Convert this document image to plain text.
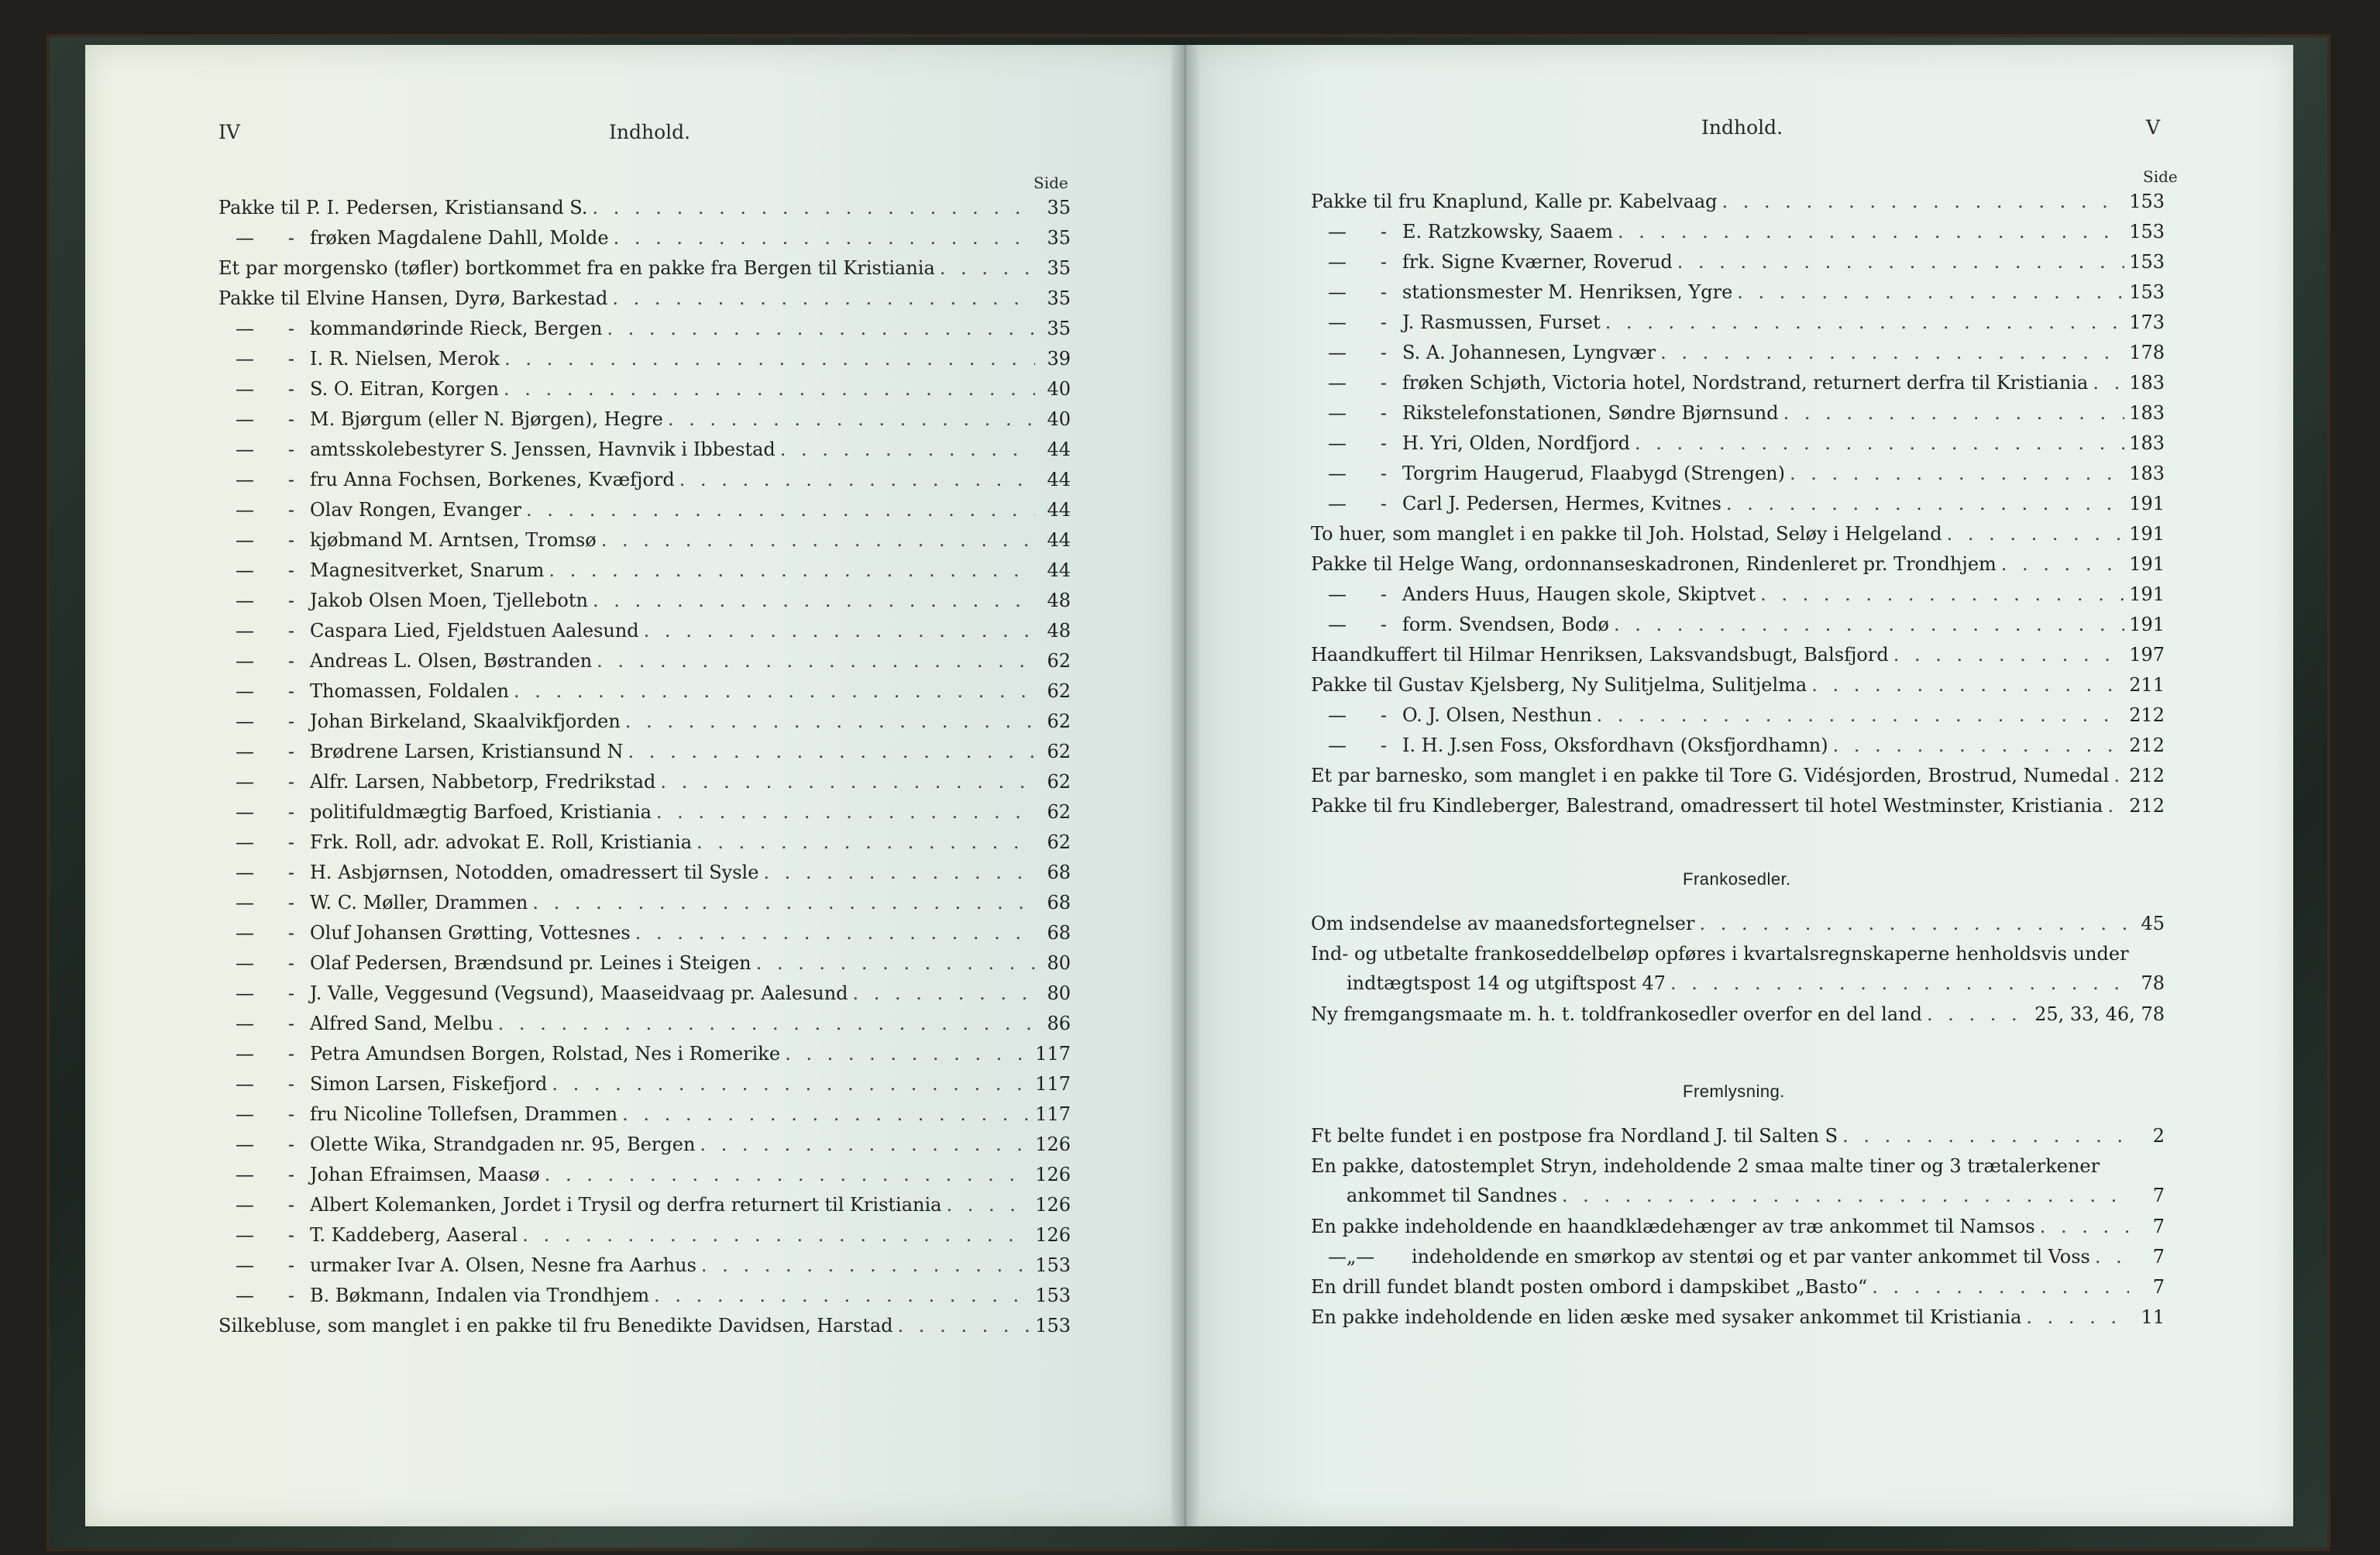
IV	Indhold.
Side
Pakke til P. I. Pedersen, Kristiansand S. . . .	35
— - frøken Magdalene Dahll, Molde . . .	35
Et par morgensko (tøfler) bortkommet fra en pakke fra Bergen til Kristiania . . .	35
Pakke til Elvine Hansen, Dyrø, Barkestad . . .	35
— - kommandørinde Rieck, Bergen . . .	35
— - I. R. Nielsen, Merok . . .	39
— - S. O. Eitran, Korgen . . .	40
— - M. Bjørgum (eller N. Bjørgen), Hegre . . .	40
— - amtsskolebestyrer S. Jenssen, Havnvik i Ibbestad . . .	44
— - fru Anna Fochsen, Borkenes, Kvæfjord . . .	44
— - Olav Rongen, Evanger . . .	44
— - kjøbmand M. Arntsen, Tromsø . . .	44
— - Magnesitverket, Snarum . . .	44
— - Jakob Olsen Moen, Tjellebotn . . .	48
— - Caspara Lied, Fjeldstuen Aalesund . . .	48
— - Andreas L. Olsen, Bøstranden . . .	62
— - Thomassen, Foldalen . . .	62
— - Johan Birkeland, Skaalvikfjorden . . .	62
— - Brødrene Larsen, Kristiansund N . . .	62
— - Alfr. Larsen, Nabbetorp, Fredrikstad . . .	62
— - politifuldmægtig Barfoed, Kristiania . . .	62
— - Frk. Roll, adr. advokat E. Roll, Kristiania . . .	62
— - H. Asbjørnsen, Notodden, omadressert til Sysle . . .	68
— - W. C. Møller, Drammen . . .	68
— - Oluf Johansen Grøtting, Vottesnes . . .	68
— - Olaf Pedersen, Brændsund pr. Leines i Steigen . . .	80
— - J. Valle, Veggesund (Vegsund), Maaseidvaag pr. Aalesund . . .	80
— - Alfred Sand, Melbu . . .	86
— - Petra Amundsen Borgen, Rolstad, Nes i Romerike . . .	117
— - Simon Larsen, Fiskefjord . . .	117
— - fru Nicoline Tollefsen, Drammen . . .	117
— - Olette Wika, Strandgaden nr. 95, Bergen . . .	126
— - Johan Efraimsen, Maasø . . .	126
— - Albert Kolemanken, Jordet i Trysil og derfra returnert til Kristiania . . .	126
— - T. Kaddeberg, Aaseral . . .	126
— - urmaker Ivar A. Olsen, Nesne fra Aarhus . . .	153
— - B. Bøkmann, Indalen via Trondhjem . . .	153
Silkebluse, som manglet i en pakke til fru Benedikte Davidsen, Harstad . . .	153
Indhold.	V
Side
Pakke til fru Knaplund, Kalle pr. Kabelvaag . . .	153
— - E. Ratzkowsky, Saaem . . .	153
— - frk. Signe Kværner, Roverud . . .	153
— - stationsmester M. Henriksen, Ygre . . .	153
— - J. Rasmussen, Furset . . .	173
— - S. A. Johannesen, Lyngvær . . .	178
— - frøken Schjøth, Victoria hotel, Nordstrand, returnert derfra til Kristiania . . . 183
— - Rikstelefonstationen, Søndre Bjørnsund . . .	183
— - H. Yri, Olden, Nordfjord . . .	183
— - Torgrim Haugerud, Flaabygd (Strengen) . . .	183
— - Carl J. Pedersen, Hermes, Kvitnes . . .	191
To huer, som manglet i en pakke til Joh. Holstad, Seløy i Helgeland . . .	191
Pakke til Helge Wang, ordonnanseskadronen, Rindenleret pr. Trondhjem . . .	191
— - Anders Huus, Haugen skole, Skiptvet . . .	191
— - form. Svendsen, Bodø . . .	191
Haandkuffert til Hilmar Henriksen, Laksvandsbugt, Balsfjord . . .	197
Pakke til Gustav Kjelsberg, Ny Sulitjelma, Sulitjelma . . .	211
— - O. J. Olsen, Nesthun . . .	212
— - I. H. J.sen Foss, Oksfordhavn (Oksfjordhamn) . . .	212
Et par barnesko, som manglet i en pakke til Tore G. Vidésjorden, Brostrud, Numedal . . . 212
Pakke til fru Kindleberger, Balestrand, omadressert til hotel Westminster, Kristiania . . . 212
Frankosedler.
Om indsendelse av maanedsfortegnelser . . .	45
Ind- og utbetalte frankoseddelbeløp opføres i kvartalsregnskaperne henholdsvis under
indtægtspost 14 og utgiftspost 47 . . .	78
Ny fremgangsmaate m. h. t. toldfrankosedler overfor en del land . . .	25, 33, 46, 78
Fremlysning.
Ft belte fundet i en postpose fra Nordland J. til Salten S . . .	2
En pakke, datostemplet Stryn, indeholdende 2 smaa malte tiner og 3 trætalerkener
ankommet til Sandnes . . .	7
En pakke indeholdende en haandklædehænger av træ ankommet til Namsos . . .	7
—„—	indeholdende en smørkop av stentøi og et par vanter ankommet til Voss . . .	7
En drill fundet blandt posten ombord i dampskibet „Basto“ . . .	7
En pakke indeholdende en liden æske med sysaker ankommet til Kristiania . . .	11
